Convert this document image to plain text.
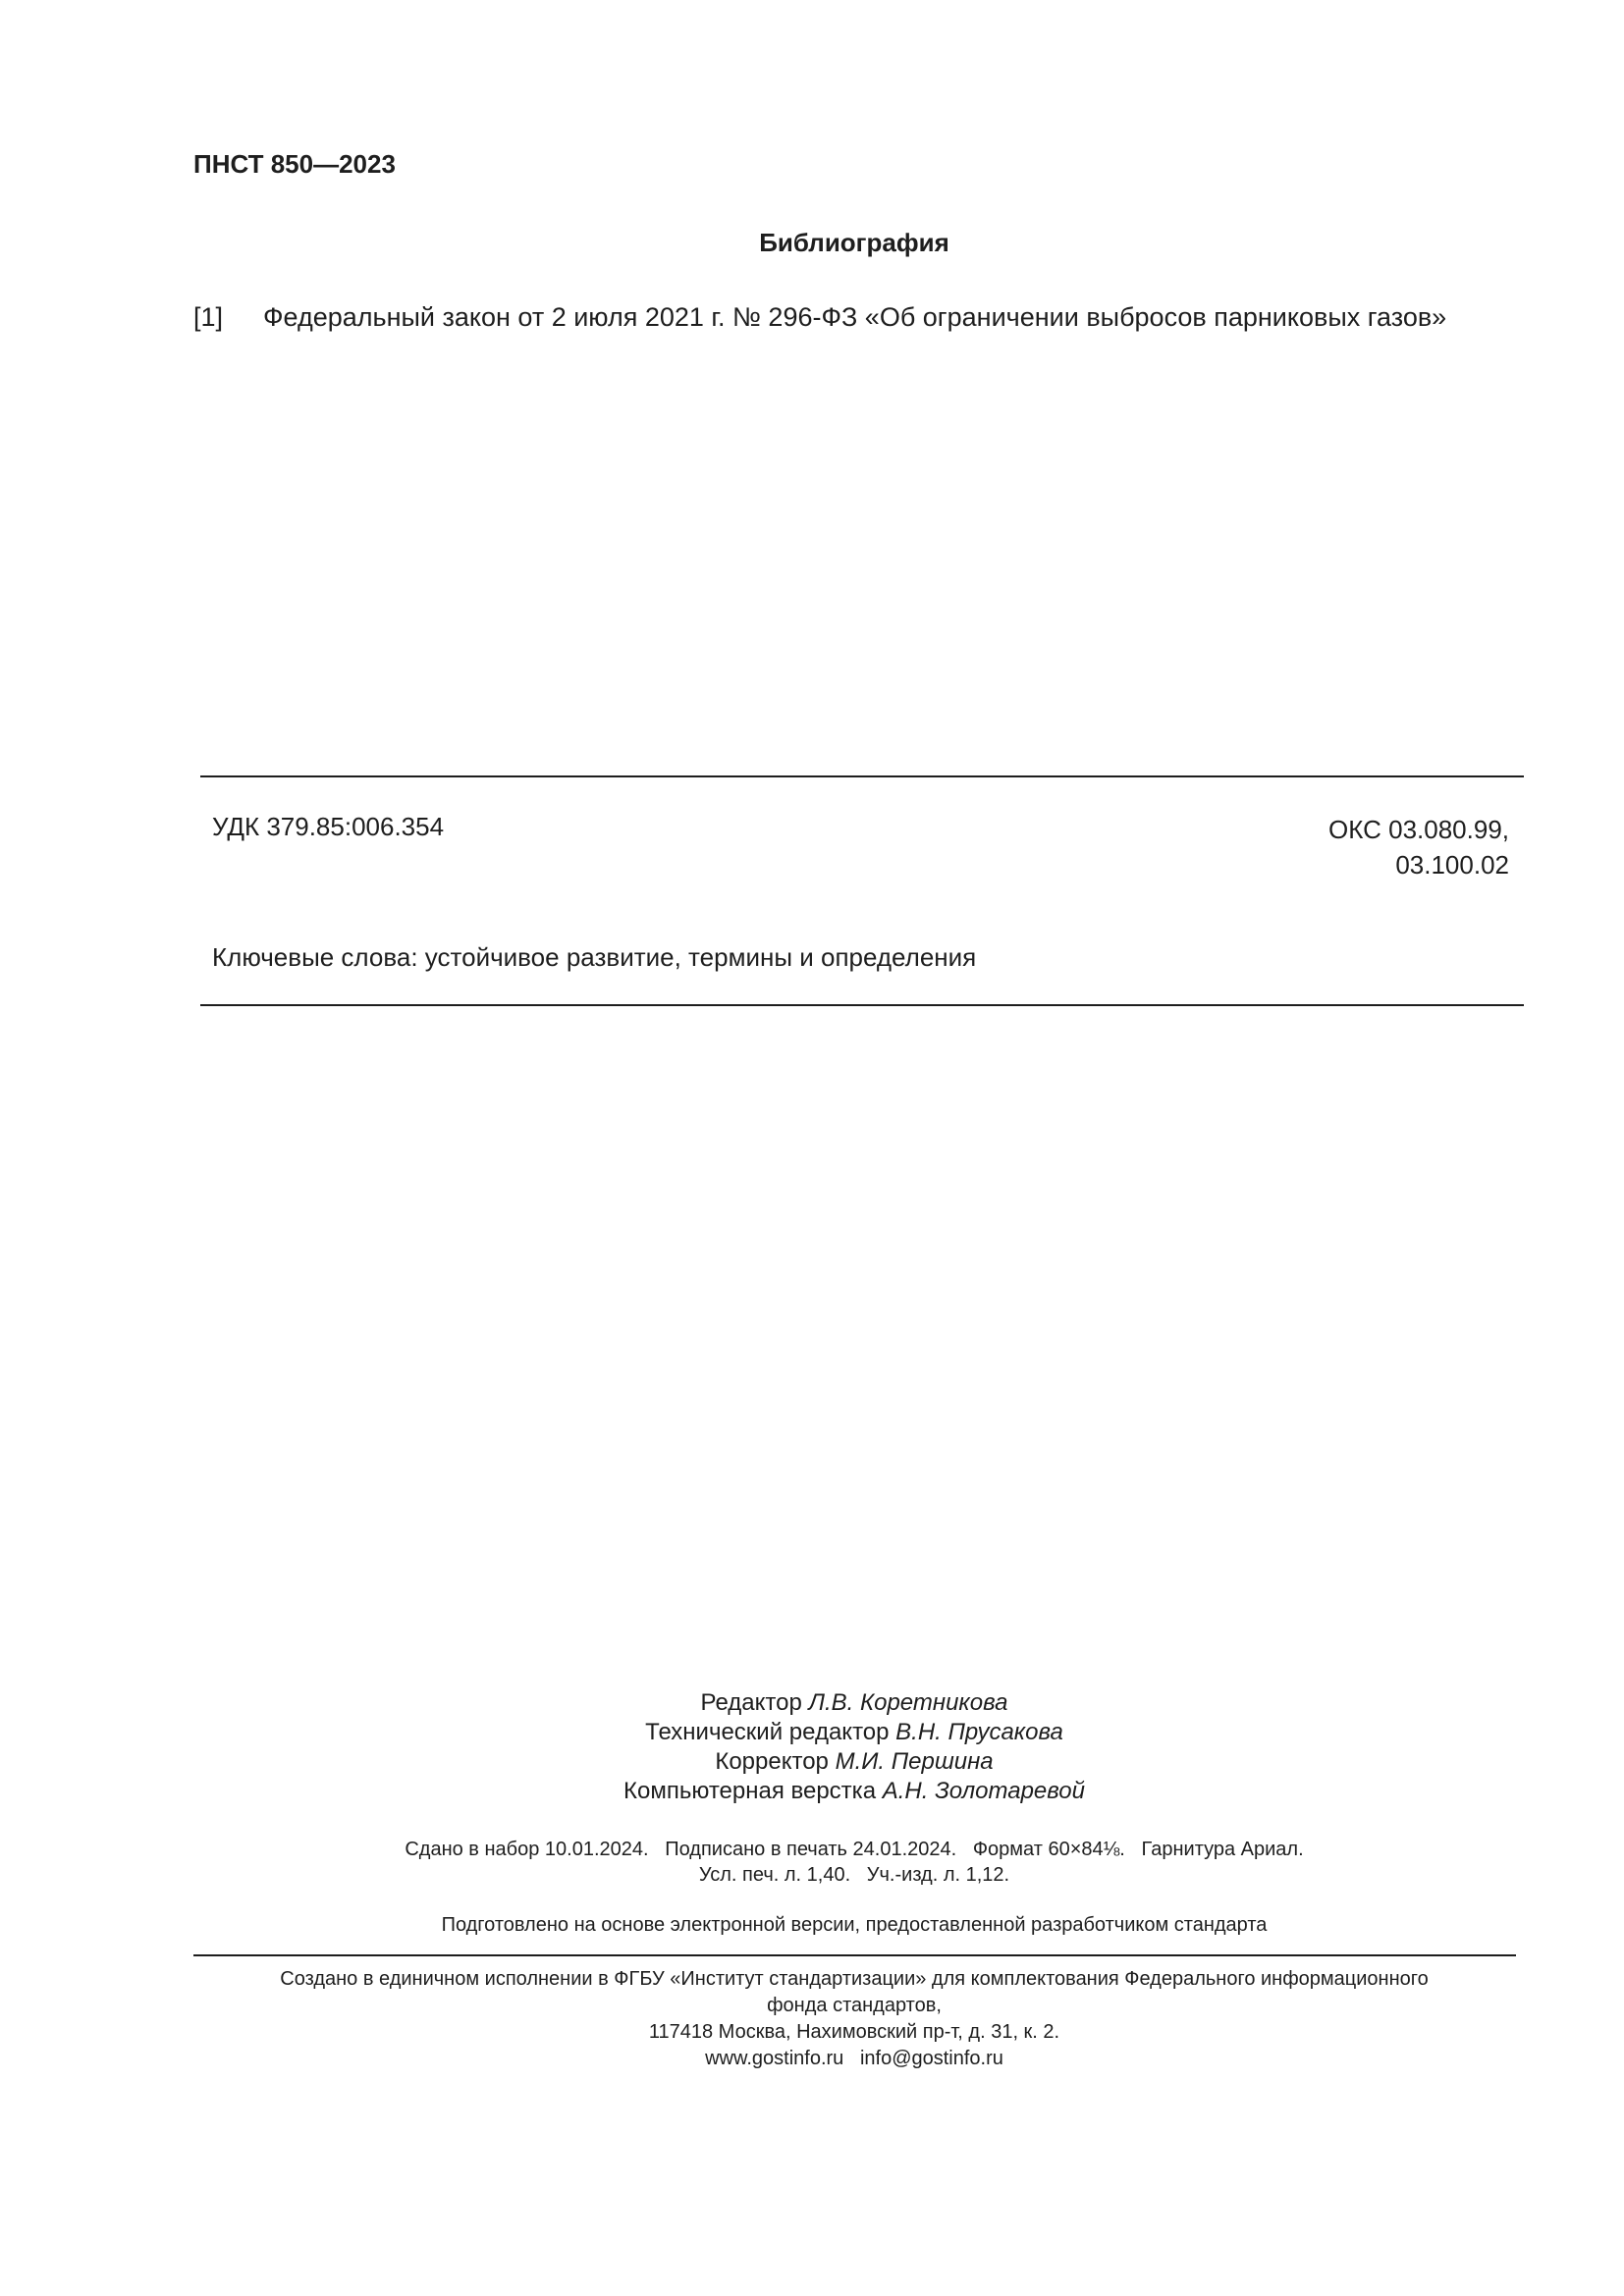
ПНСТ 850—2023
Библиография
[1] Федеральный закон от 2 июля 2021 г. № 296-ФЗ «Об ограничении выбросов парниковых газов»
УДК 379.85:006.354	ОКС 03.080.99,
03.100.02
Ключевые слова: устойчивое развитие, термины и определения
Редактор Л.В. Коретникова
Технический редактор В.Н. Прусакова
Корректор М.И. Першина
Компьютерная верстка А.Н. Золотаревой
Сдано в набор 10.01.2024.   Подписано в печать 24.01.2024.   Формат 60×84⅛.   Гарнитура Ариал.
Усл. печ. л. 1,40.   Уч.-изд. л. 1,12.
Подготовлено на основе электронной версии, предоставленной разработчиком стандарта
Создано в единичном исполнении в ФГБУ «Институт стандартизации» для комплектования Федерального информационного
фонда стандартов,
117418 Москва, Нахимовский пр-т, д. 31, к. 2.
www.gostinfo.ru   info@gostinfo.ru
